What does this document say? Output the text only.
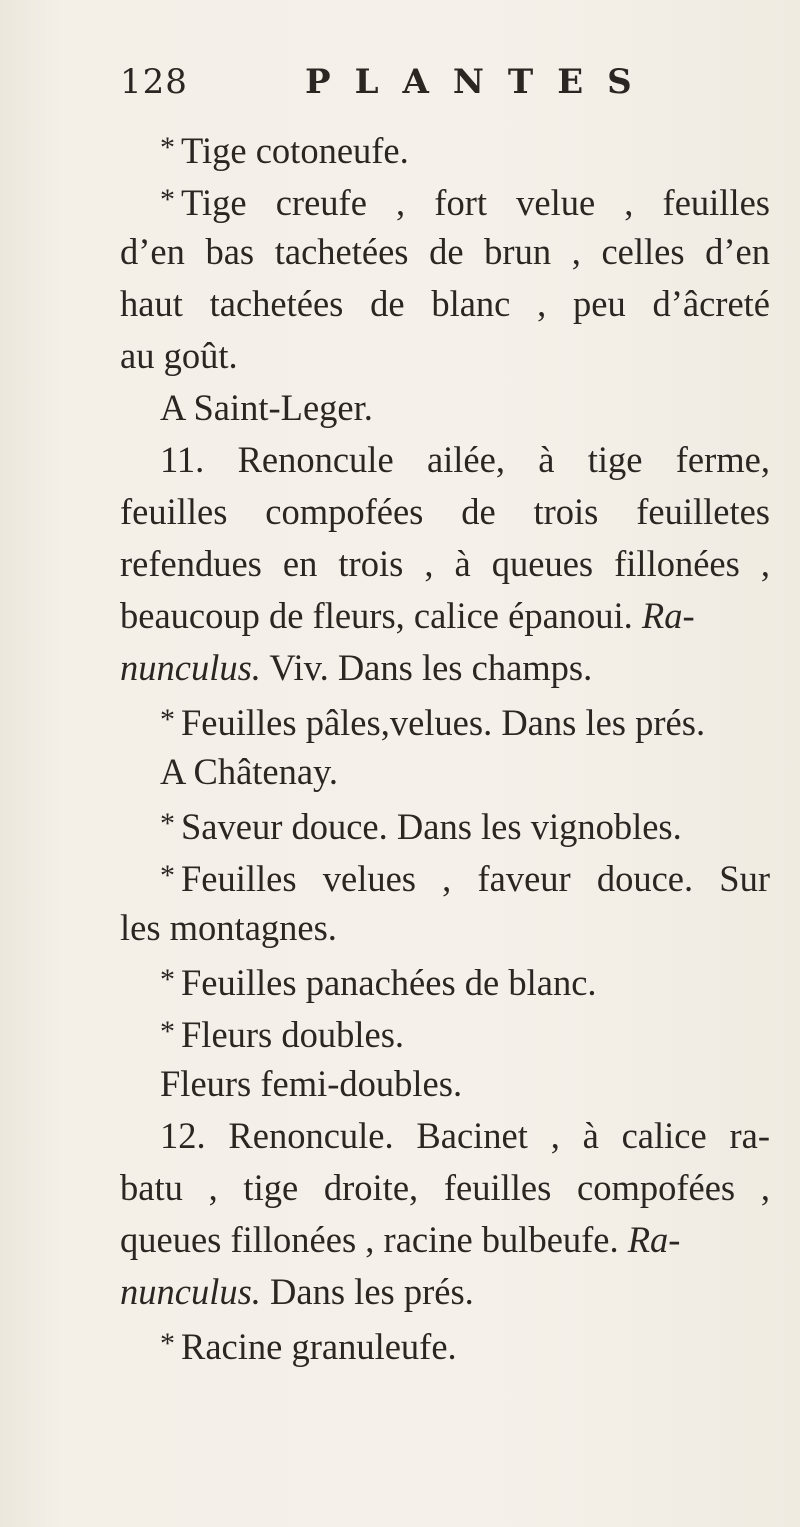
128	PLANTES
* Tige cotoneufe.
* Tige creufe , fort velue , feuilles
d’en bas tachetées de brun , celles d’en
haut tachetées de blanc , peu d’âcreté
au goût.
A Saint-Leger.
11. Renoncule ailée, à tige ferme,
feuilles compofées de trois feuilletes
refendues en trois , à queues fillonées ,
beaucoup de fleurs, calice épanoui. Ra-
nunculus. Viv. Dans les champs.
* Feuilles pâles,velues. Dans les prés.
A Châtenay.
* Saveur douce. Dans les vignobles.
* Feuilles velues , faveur douce. Sur
les montagnes.
* Feuilles panachées de blanc.
* Fleurs doubles.
Fleurs femi-doubles.
12. Renoncule. Bacinet , à calice ra-
batu , tige droite, feuilles compofées ,
queues fillonées , racine bulbeufe. Ra-
nunculus. Dans les prés.
* Racine granuleufe.
